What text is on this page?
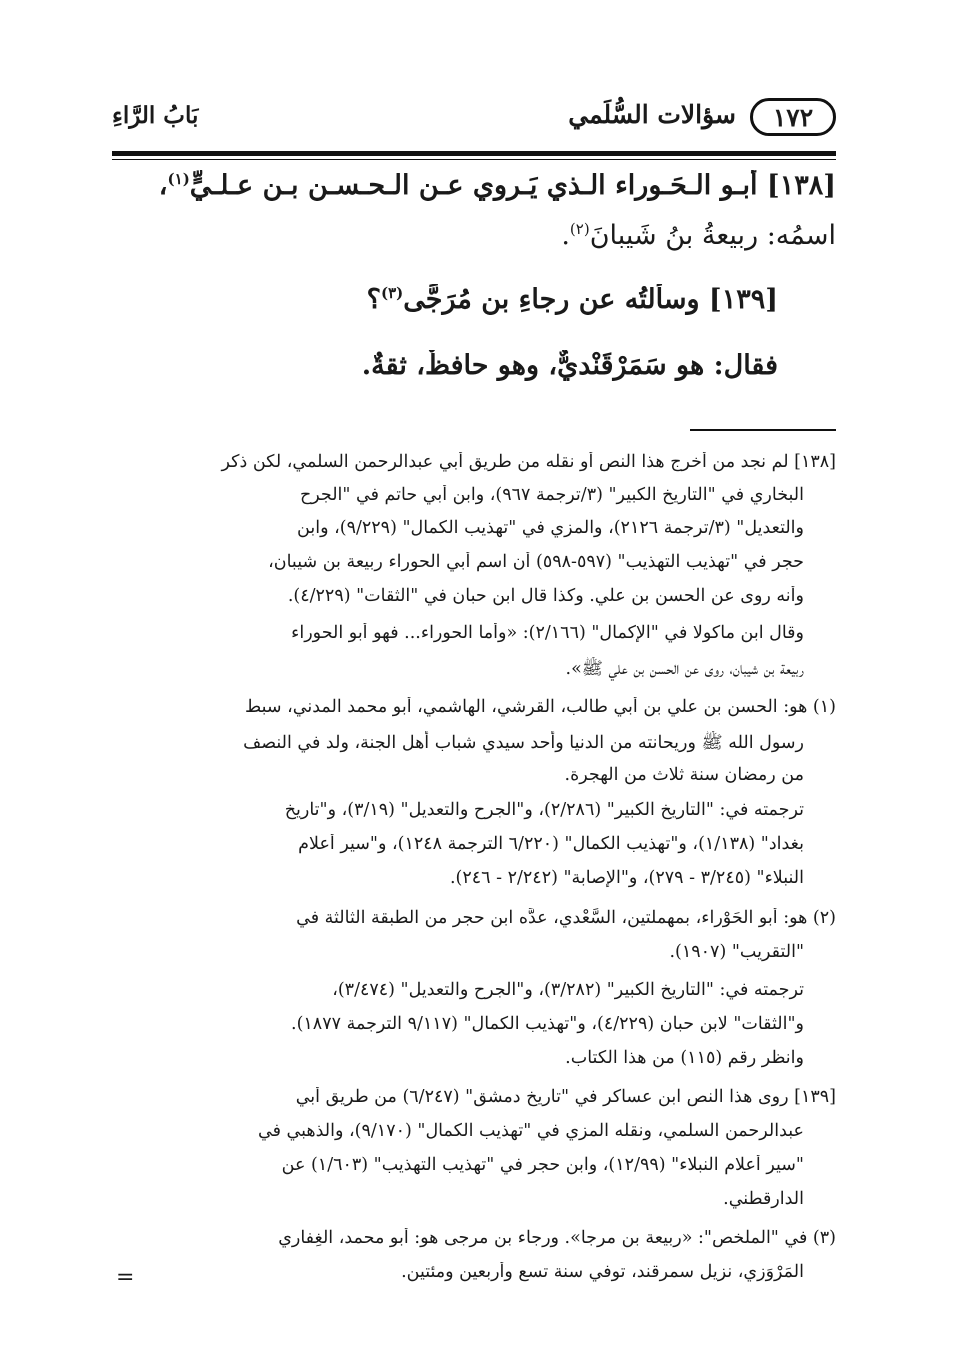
١٧٢
سؤالات السُّلَمي
بَابُ الرَّاءِ
[١٣٨] أبـو الـحَـوراء الـذي يَـروي عـن الـحـسـنِ بـنِ عـلـيٍّ$^{(١)}$،
اسمُه: ربيعةُ بنُ شَيبانَ$^{(٢)}$.
[١٣٩] وسألتُه عن رجاءِ بنِ مُرَجًّى$^{(٣)}$؟
فقال: هو سَمَرْقَنْديٌّ، وهو حافظٌ، ثقةٌ.
[١٣٨] لم نجد من أخرج هذا النص أو نقله من طريق أبي عبدالرحمن السلمي، لكن ذكر
البخاري في "التاريخ الكبير" (٣/ترجمة ٩٦٧)، وابن أبي حاتم في "الجرح
والتعديل" (٣/ترجمة ٢١٢٦)، والمزي في "تهذيب الكمال" (٩/٢٢٩)، وابن
حجر في "تهذيب التهذيب" (٥٩٧-٥٩٨) أن اسم أبي الحوراء ربيعة بن شيبان،
وأنه روى عن الحسن بن علي. وكذا قال ابن حبان في "الثقات" (٤/٢٢٩).
وقال ابن ماكولا في "الإكمال" (٢/١٦٦): «وأما الحوراء... فهو أبو الحوراء
ربيعة بن شيبان، روى عن الحسن بن علي ﷺ».
(١) هو: الحسن بن علي بن أبي طالب، القرشي، الهاشمي، أبو محمد المدني، سبط
رسول الله ﷺ وريحانته من الدنيا وأحد سيدي شباب أهل الجنة، ولد في النصف
من رمضان سنة ثلاث من الهجرة.
ترجمته في: "التاريخ الكبير" (٢/٢٨٦)، و"الجرح والتعديل" (٣/١٩)، و"تاريخ
بغداد" (١/١٣٨)، و"تهذيب الكمال" (٦/٢٢٠ الترجمة ١٢٤٨)، و"سير أعلام
النبلاء" (٣/٢٤٥ - ٢٧٩)، و"الإصابة" (٢/٢٤٢ - ٢٤٦).
(٢) هو: أبو الحَوْراء، بمهملتين، السَّعْدي، عدَّه ابن حجر من الطبقة الثالثة في
"التقريب" (١٩٠٧).
ترجمته في: "التاريخ الكبير" (٣/٢٨٢)، و"الجرح والتعديل" (٣/٤٧٤)،
و"الثقات" لابن حبان (٤/٢٢٩)، و"تهذيب الكمال" (٩/١١٧ الترجمة ١٨٧٧).
وانظر رقم (١١٥) من هذا الكتاب.
[١٣٩] روى هذا النص ابن عساكر في "تاريخ دمشق" (٦/٢٤٧) من طريق أبي
عبدالرحمن السلمي، ونقله المزي في "تهذيب الكمال" (٩/١٧٠)، والذهبي في
"سير أعلام النبلاء" (١٢/٩٩)، وابن حجر في "تهذيب التهذيب" (١/٦٠٣) عن
الدارقطني.
(٣) في "الملخص": «ربيعة بن مرجا». ورجاء بن مرجى هو: أبو محمد، الغِفاري
المَرْوَزي، نزيل سمرقند، توفي سنة تسع وأربعين ومئتين.
=
